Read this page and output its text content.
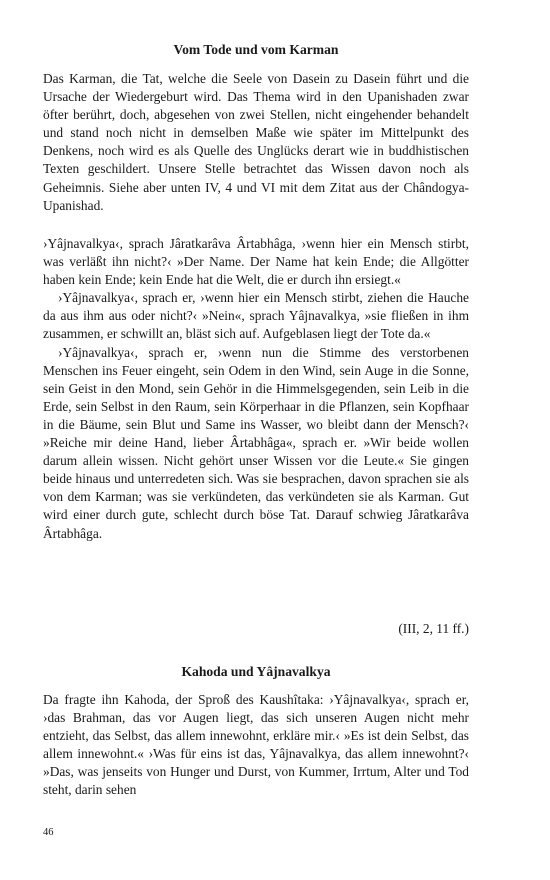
Vom Tode und vom Karman

Das Karman, die Tat, welche die Seele von Dasein zu Dasein führt und die Ursache der Wiedergeburt wird. Das Thema wird in den Upanishaden zwar öfter berührt, doch, abgesehen von zwei Stellen, nicht eingehender behandelt und stand noch nicht in demselben Maße wie später im Mittelpunkt des Denkens, noch wird es als Quelle des Unglücks derart wie in buddhistischen Texten geschildert. Unsere Stelle betrachtet das Wissen davon noch als Geheimnis. Siehe aber unten IV, 4 und VI mit dem Zitat aus der Chândogya-Upanishad.

›Yâjnavalkya‹, sprach Jâratkarâva Ârtabhâga, ›wenn hier ein Mensch stirbt, was verläßt ihn nicht?‹ »Der Name. Der Name hat kein Ende; die Allgötter haben kein Ende; kein Ende hat die Welt, die er durch ihn ersiegt.«

›Yâjnavalkya‹, sprach er, ›wenn hier ein Mensch stirbt, ziehen die Hauche da aus ihm aus oder nicht?‹ »Nein«, sprach Yâjnavalkya, »sie fließen in ihm zusammen, er schwillt an, bläst sich auf. Aufgeblasen liegt der Tote da.«

›Yâjnavalkya‹, sprach er, ›wenn nun die Stimme des verstorbenen Menschen ins Feuer eingeht, sein Odem in den Wind, sein Auge in die Sonne, sein Geist in den Mond, sein Gehör in die Himmelsgegenden, sein Leib in die Erde, sein Selbst in den Raum, sein Körperhaar in die Pflanzen, sein Kopfhaar in die Bäume, sein Blut und Same ins Wasser, wo bleibt dann der Mensch?‹ »Reiche mir deine Hand, lieber Ârtabhâga«, sprach er. »Wir beide wollen darum allein wissen. Nicht gehört unser Wissen vor die Leute.« Sie gingen beide hinaus und unterredeten sich. Was sie besprachen, davon sprachen sie als von dem Karman; was sie verkündeten, das verkündeten sie als Karman. Gut wird einer durch gute, schlecht durch böse Tat. Darauf schwieg Jâratkarâva Ârtabhâga.

(III, 2, 11 ff.)
Kahoda und Yâjnavalkya

Da fragte ihn Kahoda, der Sproß des Kaushîtaka: ›Yâjnavalkya‹, sprach er, ›das Brahman, das vor Augen liegt, das sich unseren Augen nicht mehr entzieht, das Selbst, das allem innewohnt, erkläre mir.‹ »Es ist dein Selbst, das allem innewohnt.« ›Was für eins ist das, Yâjnavalkya, das allem innewohnt?‹ »Das, was jenseits von Hunger und Durst, von Kummer, Irrtum, Alter und Tod steht, darin sehen

46
